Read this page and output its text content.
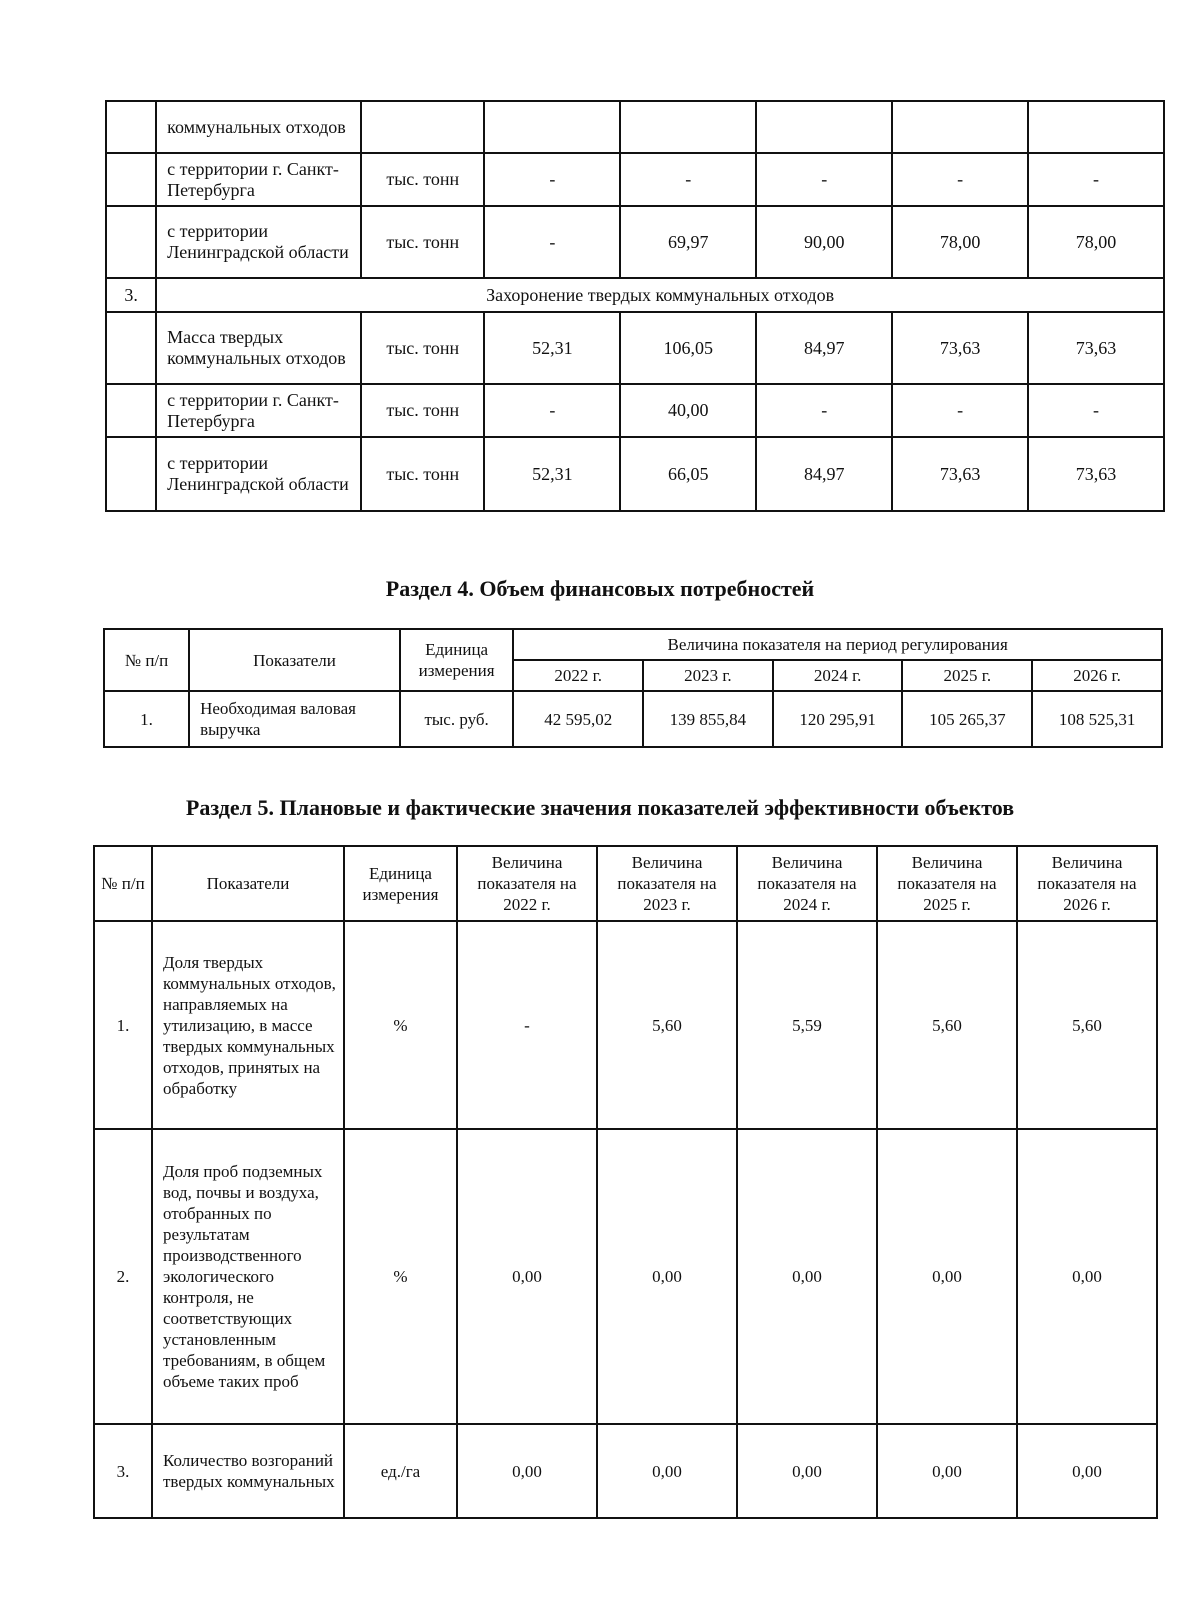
	коммунальных отходов						
	с территории г. Санкт-Петербурга	тыс. тонн	-	-	-	-	-
	с территории Ленинградской области	тыс. тонн	-	69,97	90,00	78,00	78,00
3.	Захоронение твердых коммунальных отходов						
	Масса твердых коммунальных отходов	тыс. тонн	52,31	106,05	84,97	73,63	73,63
	с территории г. Санкт-Петербурга	тыс. тонн	-	40,00	-	-	-
	с территории Ленинградской области	тыс. тонн	52,31	66,05	84,97	73,63	73,63
Раздел 4. Объем финансовых потребностей
№ п/п	Показатели	Единица измерения	Величина показателя на период регулирования				
			2022 г.	2023 г.	2024 г.	2025 г.	2026 г.
1.	Необходимая валовая выручка	тыс. руб.	42 595,02	139 855,84	120 295,91	105 265,37	108 525,31
Раздел 5. Плановые и фактические значения показателей эффективности объектов
№ п/п	Показатели	Единица измерения	Величина показателя на 2022 г.	Величина показателя на 2023 г.	Величина показателя на 2024 г.	Величина показателя на 2025 г.	Величина показателя на 2026 г.
1.	Доля твердых коммунальных отходов, направляемых на утилизацию, в массе твердых коммунальных отходов, принятых на обработку	%	-	5,60	5,59	5,60	5,60
2.	Доля проб подземных вод, почвы и воздуха, отобранных по результатам производственного экологического контроля, не соответствующих установленным требованиям, в общем объеме таких проб	%	0,00	0,00	0,00	0,00	0,00
3.	Количество возгораний твердых коммунальных	ед./га	0,00	0,00	0,00	0,00	0,00
